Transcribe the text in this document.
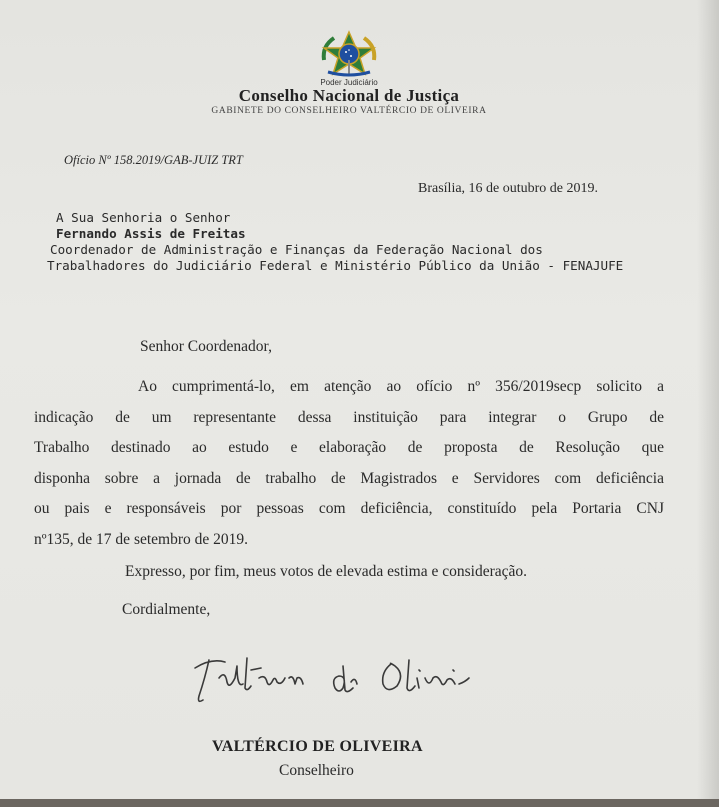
Poder Judiciário
Conselho Nacional de Justiça
GABINETE DO CONSELHEIRO VALTÉRCIO DE OLIVEIRA
Ofício Nº 158.2019/GAB-JUIZ TRT
Brasília, 16 de outubro de 2019.
A Sua Senhoria o Senhor
Fernando Assis de Freitas
Coordenador de Administração e Finanças da Federação Nacional dos
Trabalhadores do Judiciário Federal e Ministério Público da União - FENAJUFE
Senhor Coordenador,
Ao cumprimentá-lo, em atenção ao ofício nº 356/2019secp solicito a
indicação de um representante dessa instituição para integrar o Grupo de
Trabalho destinado ao estudo e elaboração de proposta de Resolução que
disponha sobre a jornada de trabalho de Magistrados e Servidores com deficiência
ou pais e responsáveis por pessoas com deficiência, constituído pela Portaria CNJ
nº135, de 17 de setembro de 2019.
Expresso, por fim, meus votos de elevada estima e consideração.
Cordialmente,
VALTÉRCIO DE OLIVEIRA
Conselheiro
